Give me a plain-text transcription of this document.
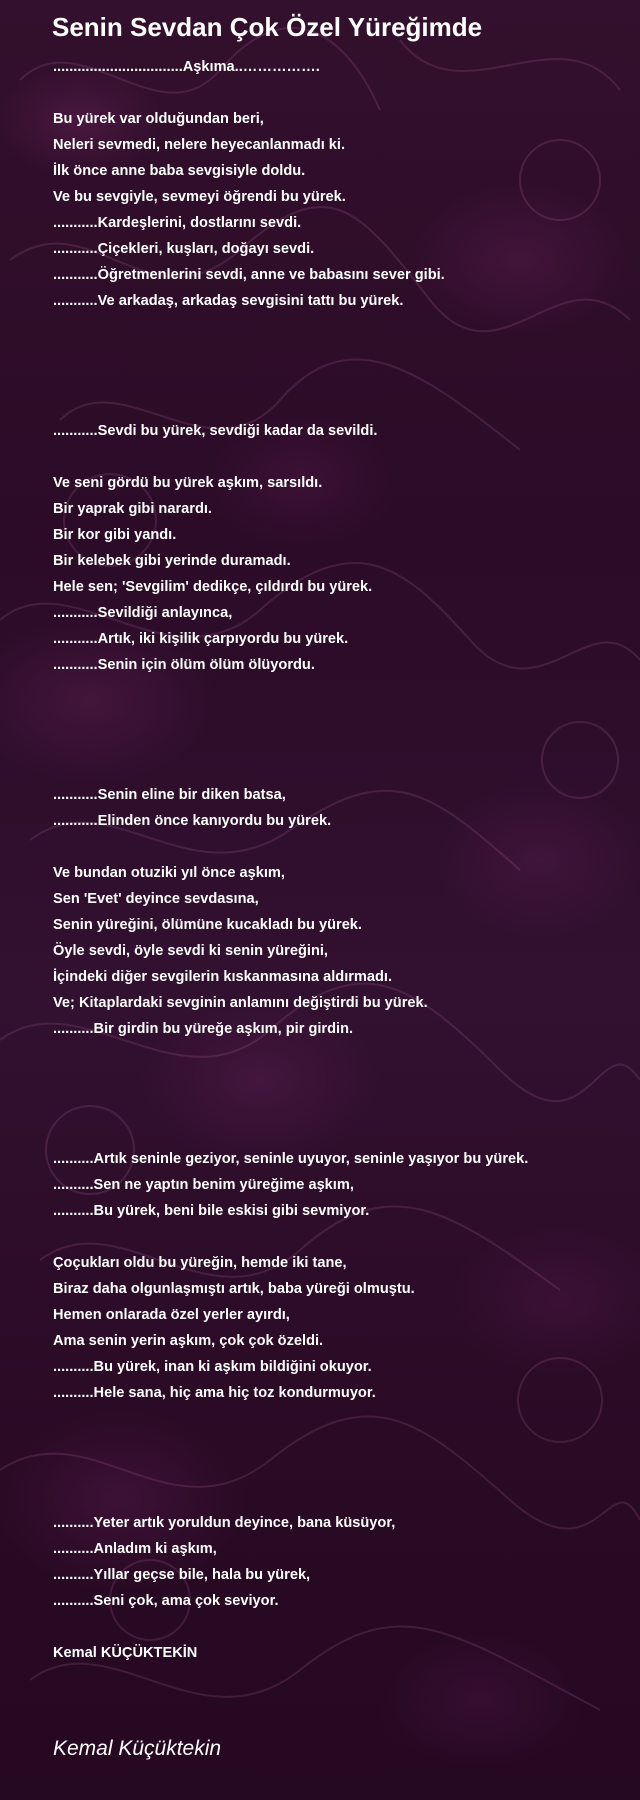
Senin Sevdan Çok Özel Yüreğimde
................................Aşkıma..…………….

Bu yürek var olduğundan beri,
Neleri sevmedi, nelere heyecanlanmadı ki.
İlk önce anne baba sevgisiyle doldu.
Ve bu sevgiyle, sevmeyi öğrendi bu yürek.
...........Kardeşlerini, dostlarını sevdi.
...........Çiçekleri, kuşları, doğayı sevdi.
...........Öğretmenlerini sevdi, anne ve babasını sever gibi.
...........Ve arkadaş, arkadaş sevgisini tattı bu yürek.

...........Sevdi bu yürek, sevdiği kadar da sevildi.

Ve seni gördü bu yürek aşkım, sarsıldı.
Bir yaprak gibi narardı.
Bir kor gibi yandı.
Bir kelebek gibi yerinde duramadı.
Hele sen; 'Sevgilim' dedikçe, çıldırdı bu yürek.
...........Sevildiği anlayınca,
...........Artık, iki kişilik çarpıyordu bu yürek.
...........Senin için ölüm ölüm ölüyordu.

...........Senin eline bir diken batsa,
...........Elinden önce kanıyordu bu yürek.

Ve bundan otuziki yıl önce aşkım,
Sen 'Evet' deyince sevdasına,
Senin yüreğini, ölümüne kucakladı bu yürek.
Öyle sevdi, öyle sevdi ki senin yüreğini,
İçindeki diğer sevgilerin kıskanmasına aldırmadı.
Ve; Kitaplardaki sevginin anlamını değiştirdi bu yürek.
..........Bir girdin bu yüreğe aşkım, pir girdin.

..........Artık seninle geziyor, seninle uyuyor, seninle yaşıyor bu yürek.
..........Sen ne yaptın benim yüreğime aşkım,
..........Bu yürek, beni bile eskisi gibi sevmiyor.

Çoçukları oldu bu yüreğin, hemde iki tane,
Biraz daha olgunlaşmıştı artık, baba yüreği olmuştu.
Hemen onlarada özel yerler ayırdı,
Ama senin yerin aşkım, çok çok özeldi.
..........Bu yürek, inan ki aşkım bildiğini okuyor.
..........Hele sana, hiç ama hiç toz kondurmuyor.

..........Yeter artık yoruldun deyince, bana küsüyor,
..........Anladım ki aşkım,
..........Yıllar geçse bile, hala bu yürek,
..........Seni çok, ama çok seviyor.

Kemal KÜÇÜKTEKİN
Kemal Küçüktekin
